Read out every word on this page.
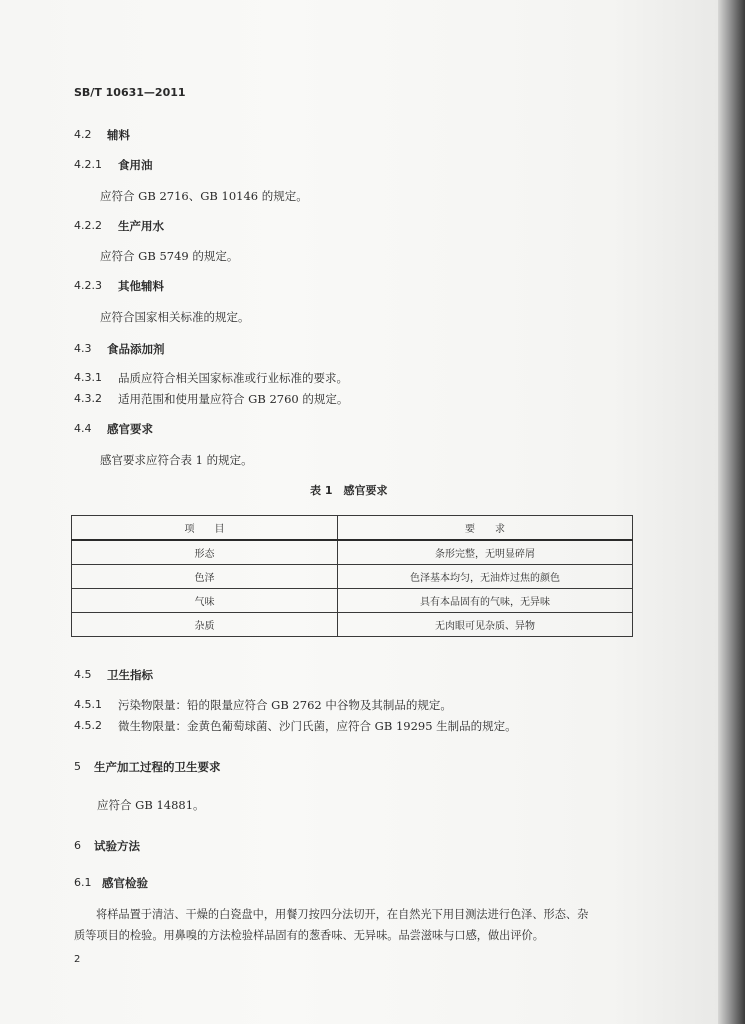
SB/T 10631—2011
4.2 辅料
4.2.1 食用油
应符合 GB 2716、GB 10146 的规定。
4.2.2 生产用水
应符合 GB 5749 的规定。
4.2.3 其他辅料
应符合国家相关标准的规定。
4.3 食品添加剂
4.3.1 品质应符合相关国家标准或行业标准的要求。
4.3.2 适用范围和使用量应符合 GB 2760 的规定。
4.4 感官要求
感官要求应符合表 1 的规定。
表 1　感官要求
项　　目	要　　求
形态	条形完整，无明显碎屑
色泽	色泽基本均匀，无油炸过焦的颜色
气味	具有本品固有的气味，无异味
杂质	无肉眼可见杂质、异物
4.5 卫生指标
4.5.1 污染物限量：铅的限量应符合 GB 2762 中谷物及其制品的规定。
4.5.2 微生物限量：金黄色葡萄球菌、沙门氏菌，应符合 GB 19295 生制品的规定。
5 生产加工过程的卫生要求
应符合 GB 14881。
6 试验方法
6.1 感官检验
将样品置于清洁、干燥的白瓷盘中，用餐刀按四分法切开，在自然光下用目测法进行色泽、形态、杂
质等项目的检验。用鼻嗅的方法检验样品固有的葱香味、无异味。品尝滋味与口感，做出评价。
2
